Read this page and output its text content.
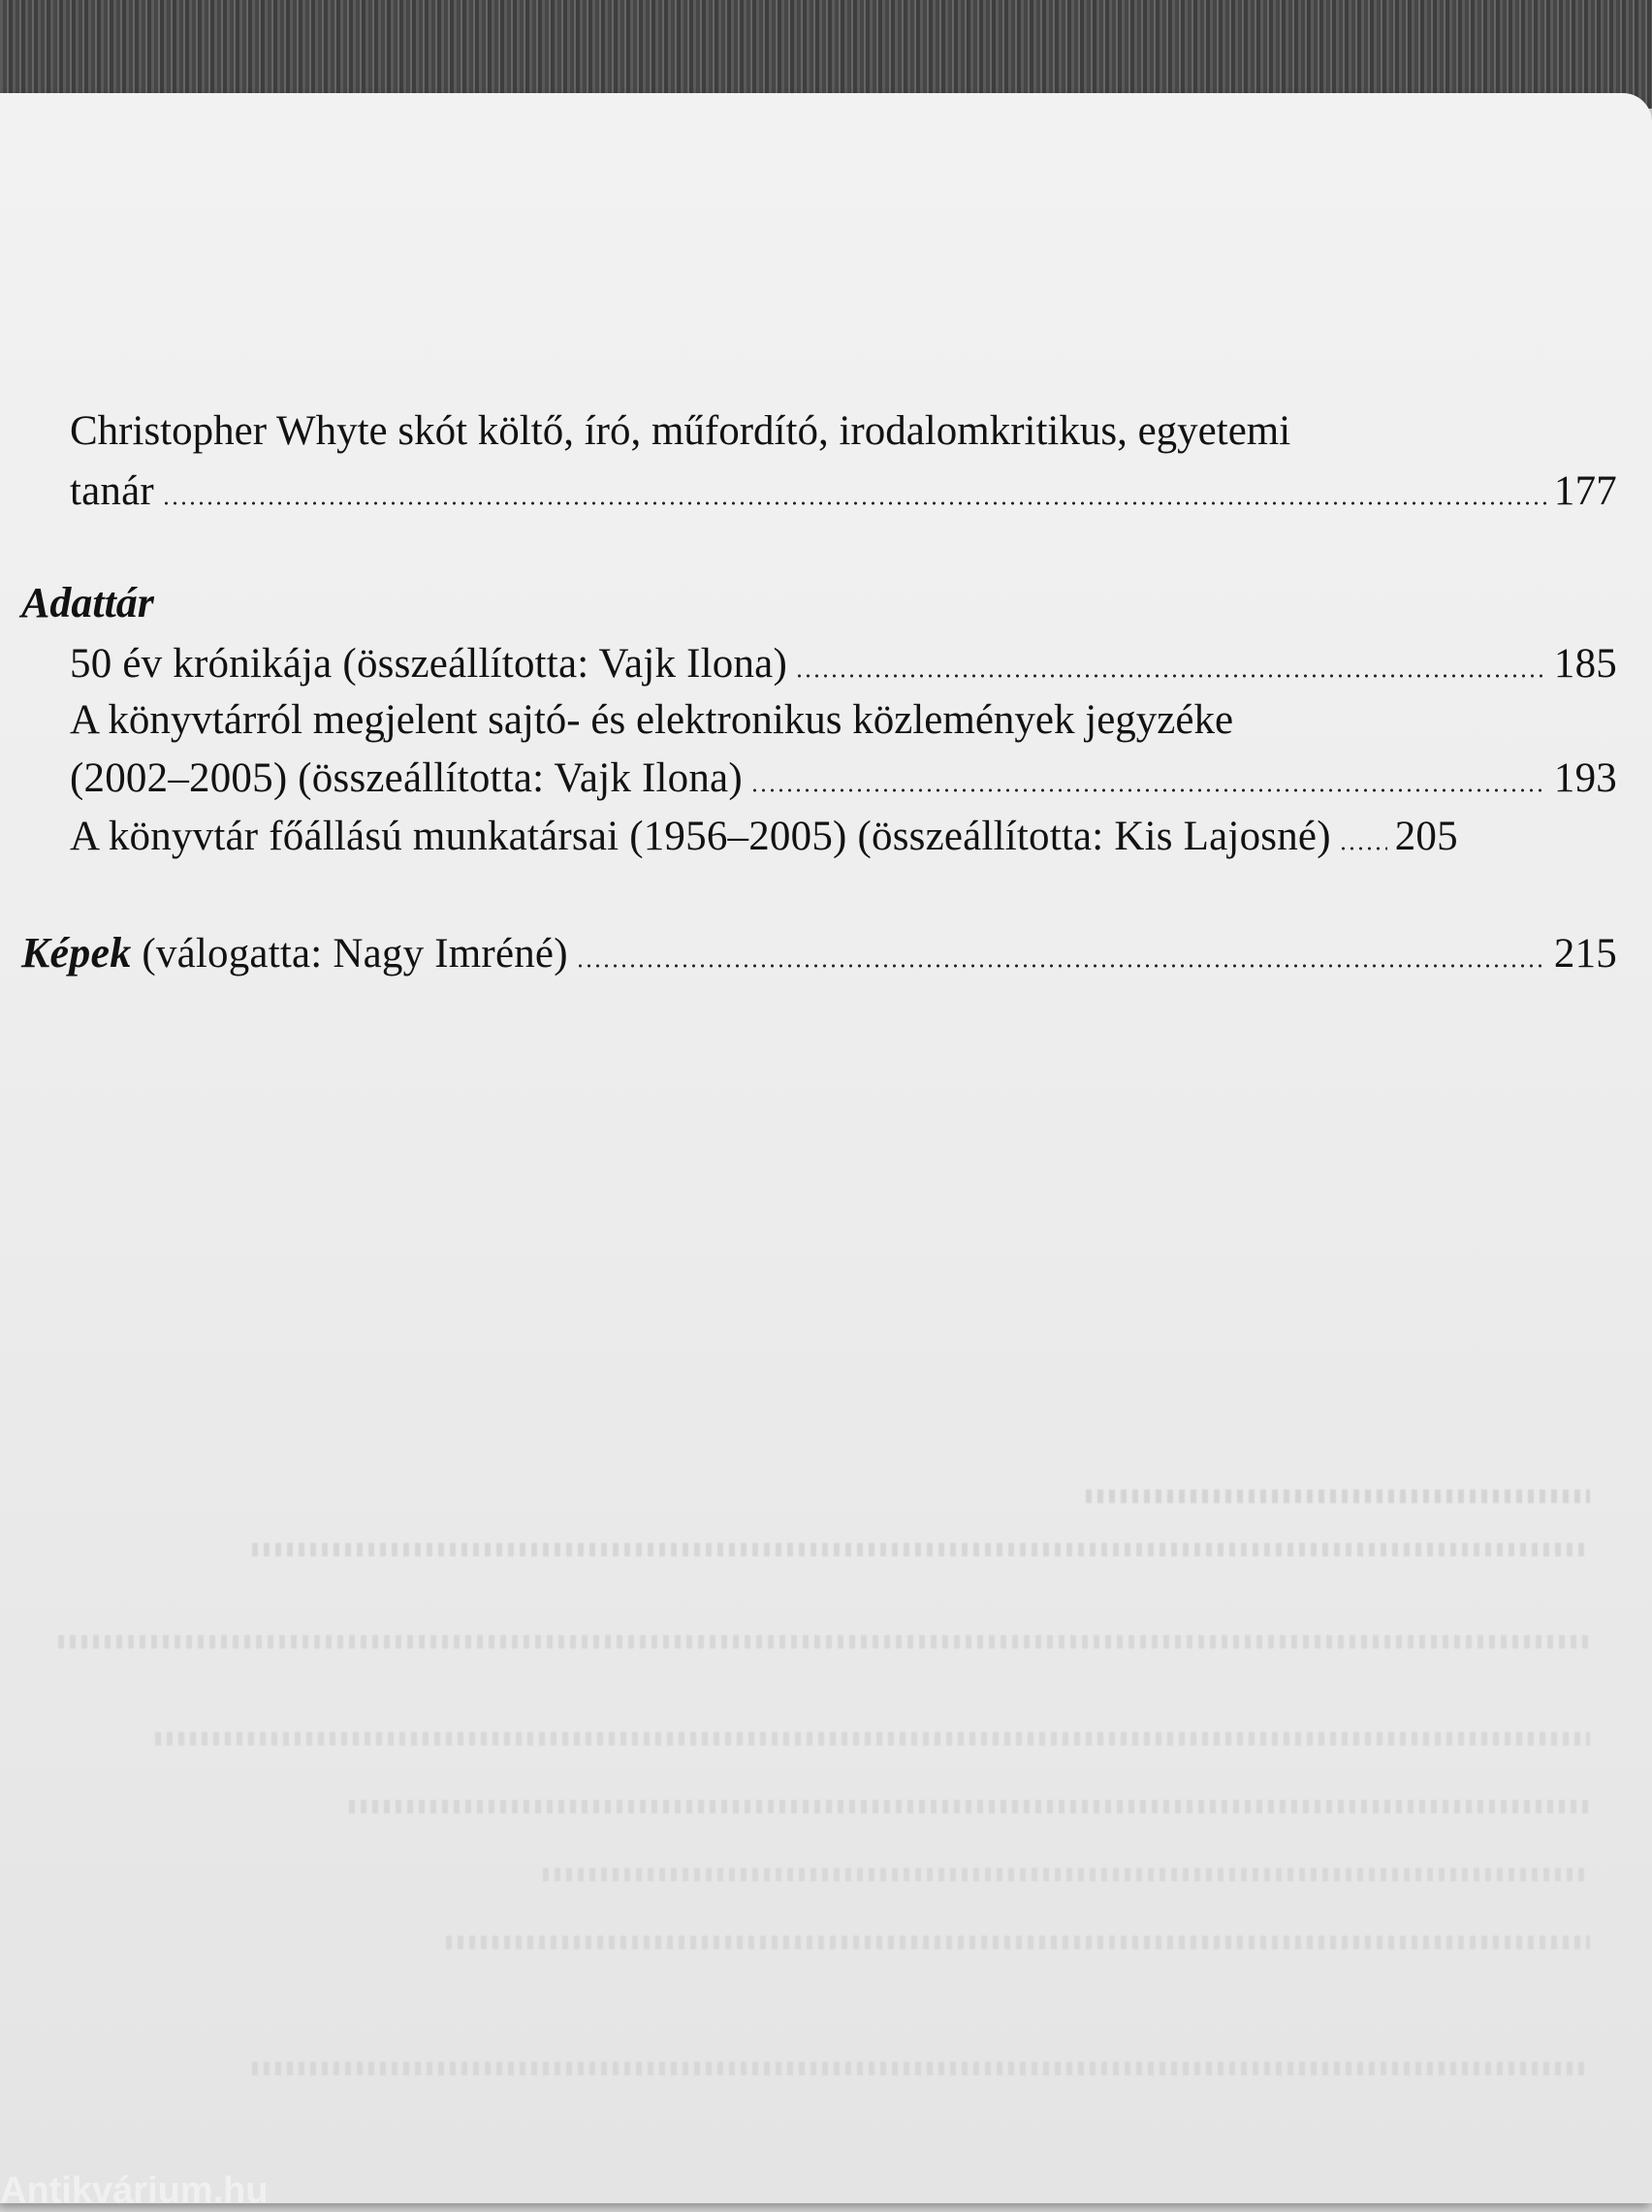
Christopher Whyte skót költő, író, műfordító, irodalomkritikus, egyetemi
tanár	177
Adattár
50 év krónikája (összeállította: Vajk Ilona)	185
A könyvtárról megjelent sajtó- és elektronikus közlemények jegyzéke
(2002–2005) (összeállította: Vajk Ilona)	193
A könyvtár főállású munkatársai (1956–2005) (összeállította: Kis Lajosné) 205
Képek (válogatta: Nagy Imréné)	215
Antikvárium.hu
